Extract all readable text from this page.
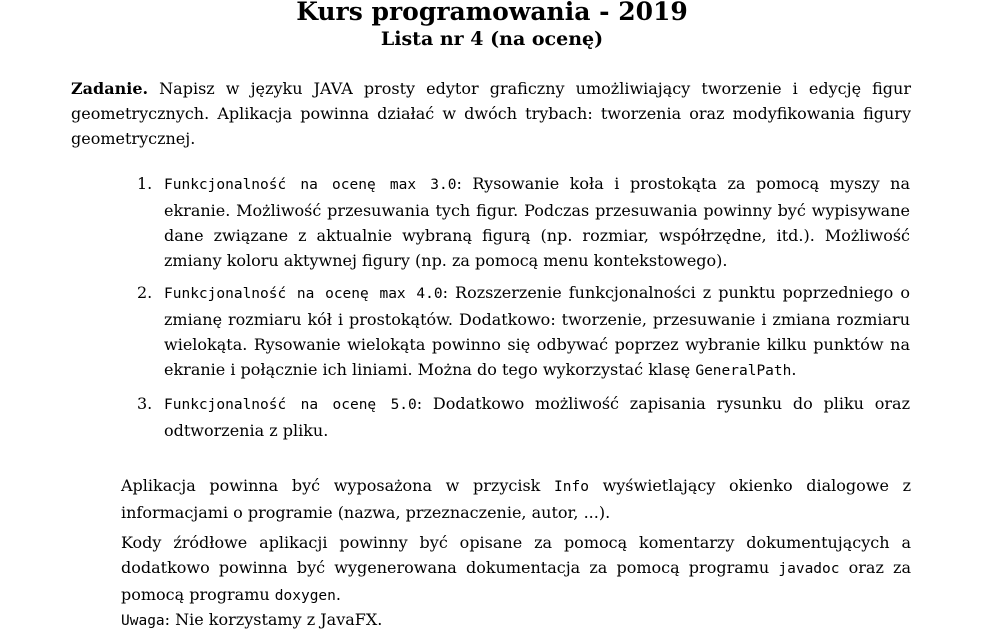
Kurs programowania - 2019
Lista nr 4 (na ocenę)
Zadanie. Napisz w języku JAVA prosty edytor graficzny umożliwiający tworzenie i edycję figur geometrycznych. Aplikacja powinna działać w dwóch trybach: tworzenia oraz modyfikowania figury geometrycznej.
1. Funkcjonalność na ocenę max 3.0: Rysowanie koła i prostokąta za pomocą myszy na ekranie. Możliwość przesuwania tych figur. Podczas przesuwania powinny być wypisywane dane związane z aktualnie wybraną figurą (np. rozmiar, współrzędne, itd.). Możliwość zmiany koloru aktywnej figury (np. za pomocą menu kontekstowego).
2. Funkcjonalność na ocenę max 4.0: Rozszerzenie funkcjonalności z punktu poprzedniego o zmianę rozmiaru kół i prostokątów. Dodatkowo: tworzenie, przesuwanie i zmiana rozmiaru wielokąta. Rysowanie wielokąta powinno się odbywać poprzez wybranie kilku punktów na ekranie i połącznie ich liniami. Można do tego wykorzystać klasę GeneralPath.
3. Funkcjonalność na ocenę 5.0: Dodatkowo możliwość zapisania rysunku do pliku oraz odtworzenia z pliku.
Aplikacja powinna być wyposażona w przycisk Info wyświetlający okienko dialogowe z informacjami o programie (nazwa, przeznaczenie, autor, ...).
Kody źródłowe aplikacji powinny być opisane za pomocą komentarzy dokumentujących a dodatkowo powinna być wygenerowana dokumentacja za pomocą programu javadoc oraz za pomocą programu doxygen.
Uwaga: Nie korzystamy z JavaFX.
